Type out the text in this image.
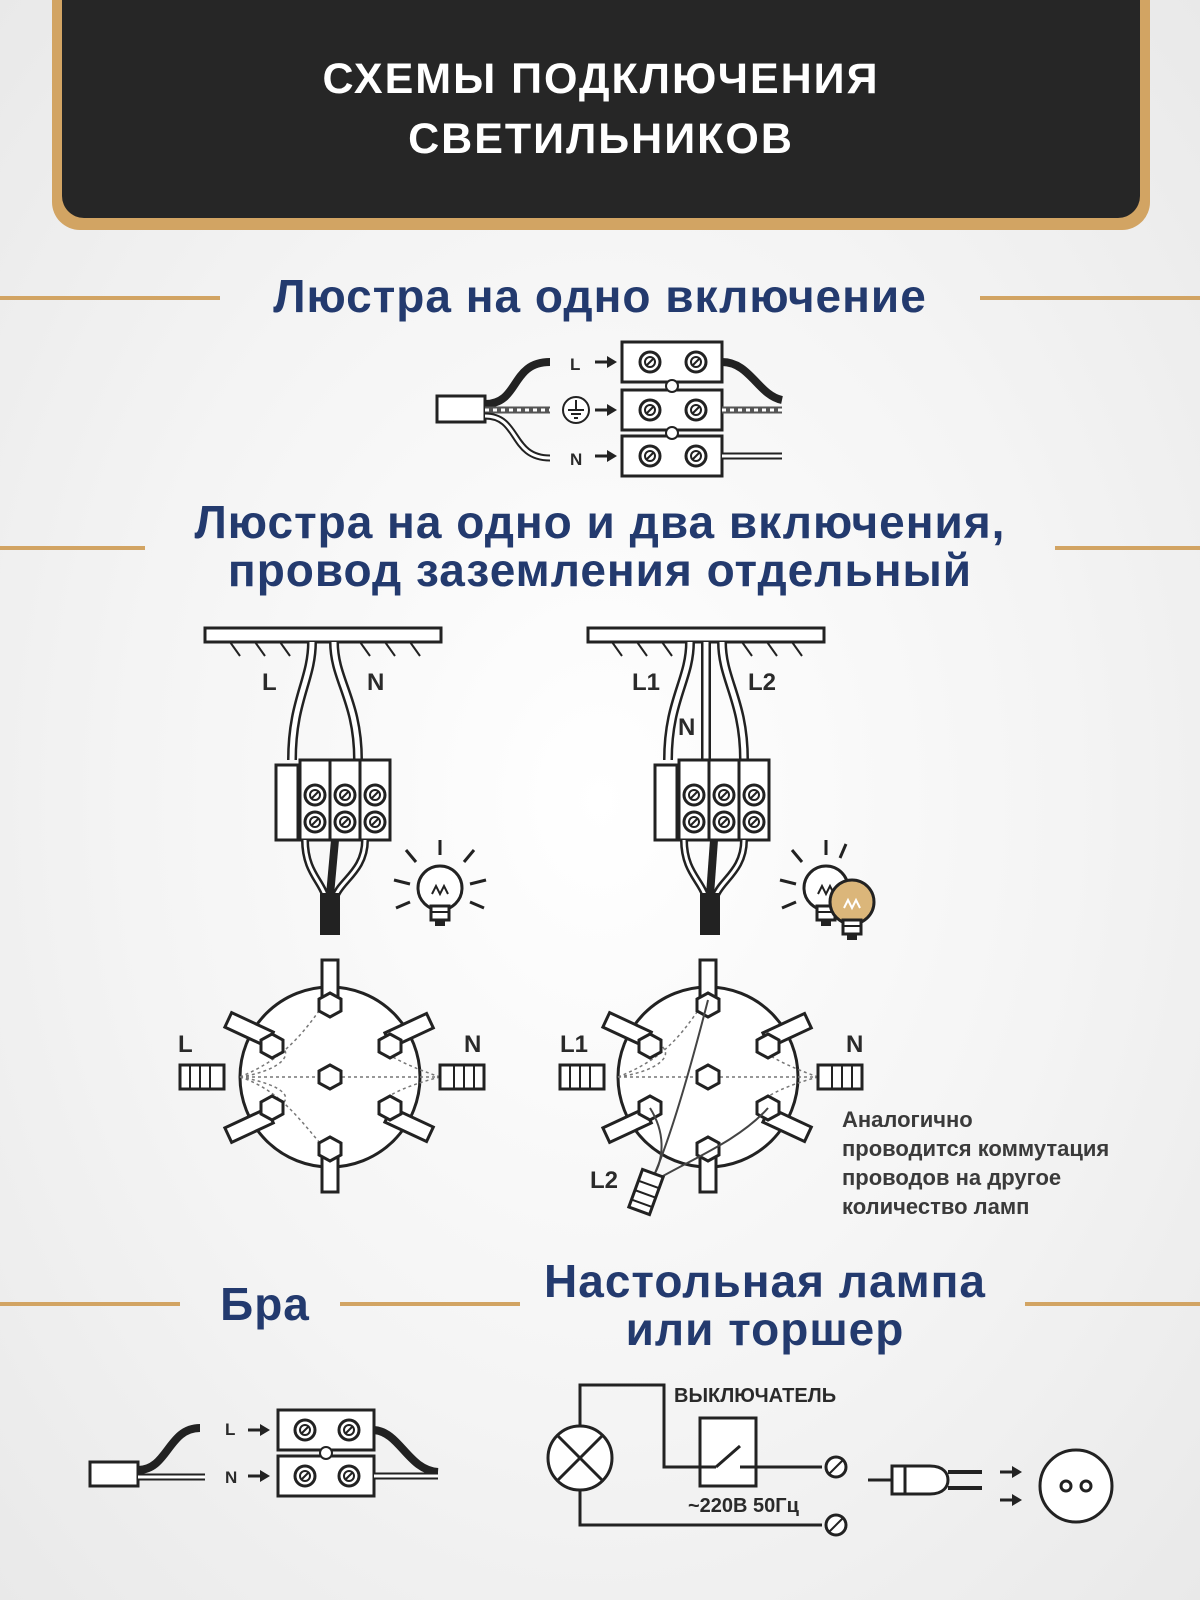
СХЕМЫ ПОДКЛЮЧЕНИЯ
СВЕТИЛЬНИКОВ
Люстра на одно включение
Люстра на одно и два включения,
провод заземления отдельный
Бра	Настольная лампа
или торшер
Аналогично
проводится коммутация
проводов на другое
количество ламп
L
N
L	N	L1	L2
N
L	N	L1	N
L2
L
N
ВЫКЛЮЧАТЕЛЬ
~220В 50Гц
